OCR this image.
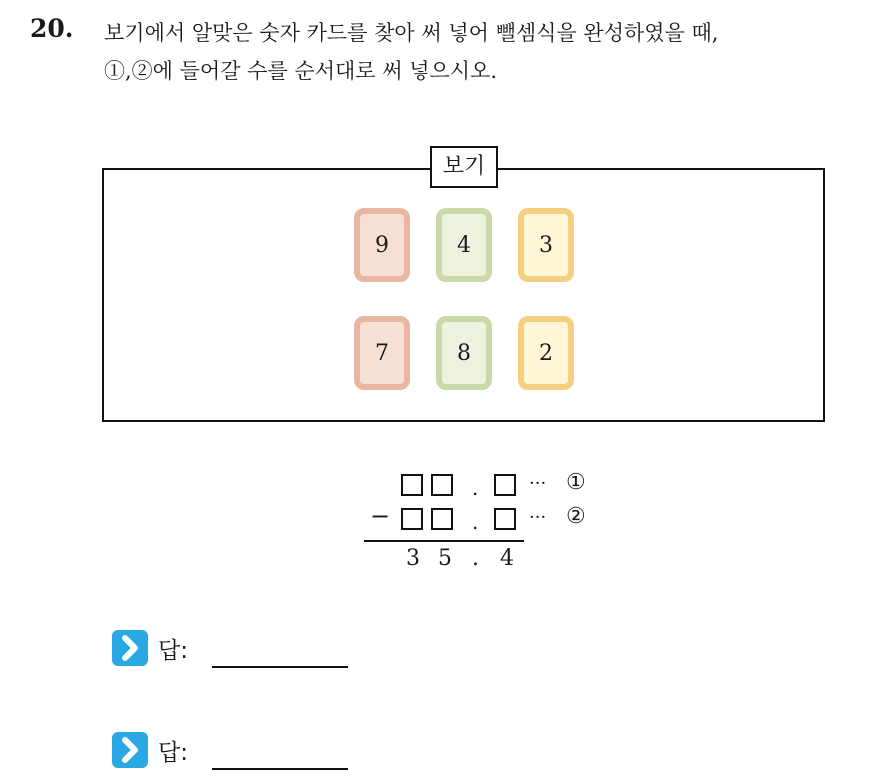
20. 보기에서 알맞은 숫자 카드를 찾아 써 넣어 뺄셈식을 완성하였을 때,
①,②에 들어갈 수를 순서대로 써 넣으시오.
보기
9	4	3
7	8	2
.	··· ①
−	.	··· ②
3 5 . 4
답:
답:
